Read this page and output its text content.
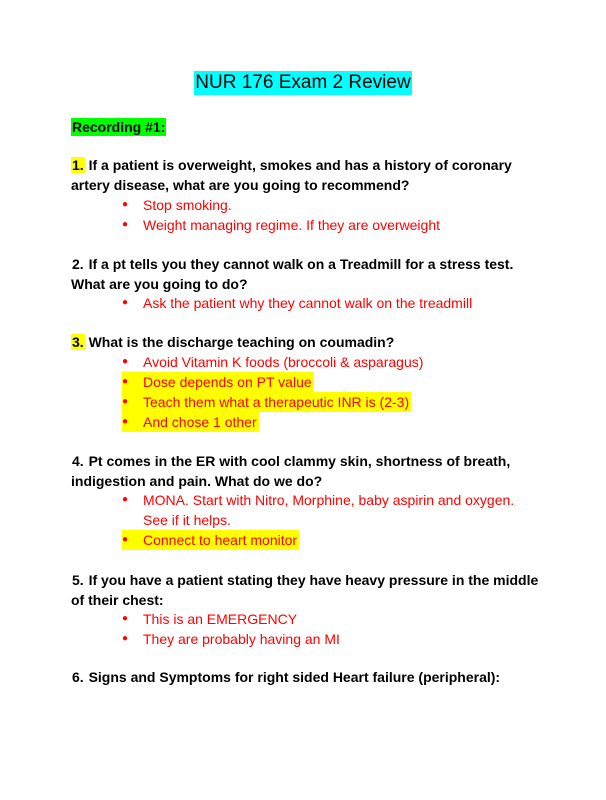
NUR 176 Exam 2 Review
Recording #1:
1. If a patient is overweight, smokes and has a history of coronary artery disease, what are you going to recommend?
●	Stop smoking.
●	Weight managing regime. If they are overweight
2. If a pt tells you they cannot walk on a Treadmill for a stress test. What are you going to do?
●	Ask the patient why they cannot walk on the treadmill
3. What is the discharge teaching on coumadin?
●	Avoid Vitamin K foods (broccoli & asparagus)
●	Dose depends on PT value
●	Teach them what a therapeutic INR is (2-3)
●	And chose 1 other
4. Pt comes in the ER with cool clammy skin, shortness of breath, indigestion and pain. What do we do?
●	MONA. Start with Nitro, Morphine, baby aspirin and oxygen. See if it helps.
●	Connect to heart monitor
5. If you have a patient stating they have heavy pressure in the middle of their chest:
●	This is an EMERGENCY
●	They are probably having an MI
6. Signs and Symptoms for right sided Heart failure (peripheral):
